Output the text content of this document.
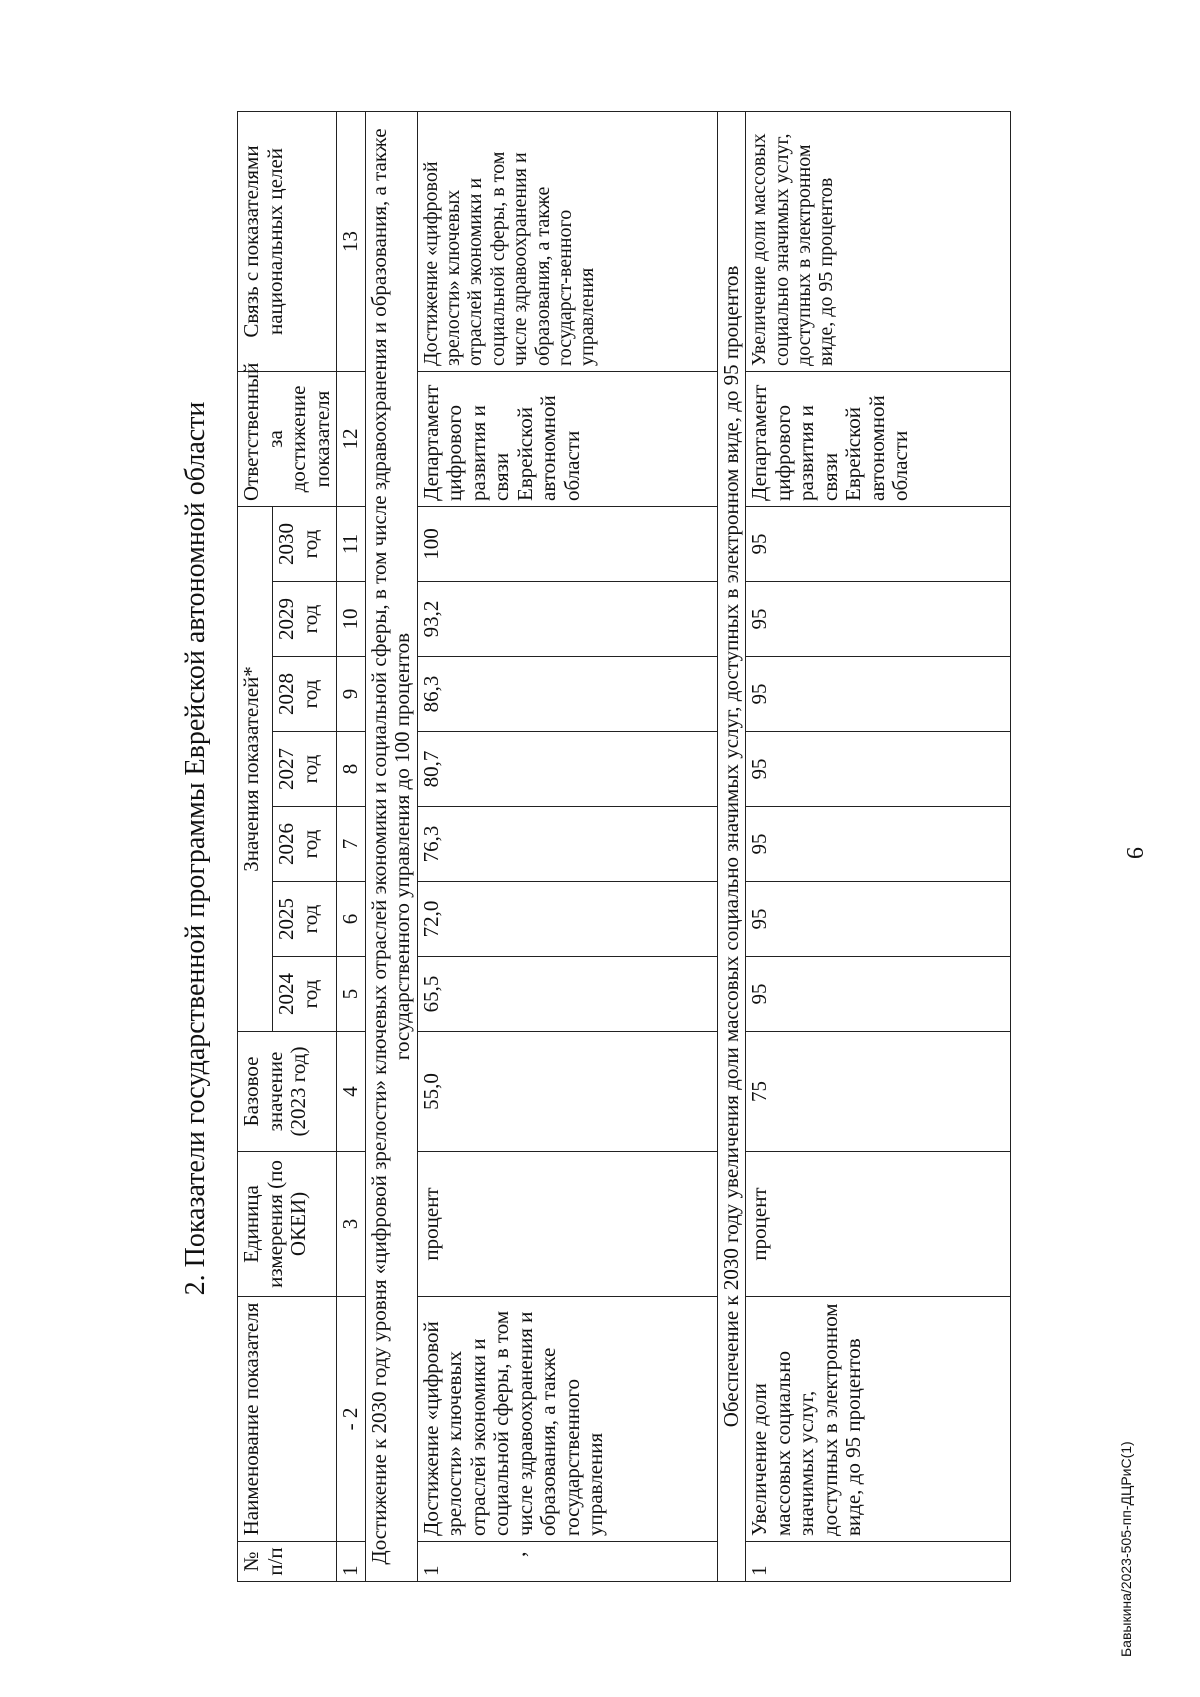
9
2. Показатели государственной программы Еврейской автономной области
,
№ п/п	Наименование показателя	Единица измерения (по ОКЕИ)	Базовое значение (2023 год)	Значения показателей*							Ответственный за достижение показателя	Связь с показателями национальных целей
				2024 год	2025 год	2026 год	2027 год	2028 год	2029 год	2030 год		
1	- 2	3	4	5	6	7	8	9	10	11	12	13
Достижение к 2030 году уровня «цифровой зрелости» ключевых отраслей экономики и социальной сферы, в том числе здравоохранения и образования, а также государственного управления до 100 процентов												
1	Достижение «цифровой зрелости» ключевых отраслей экономики и социальной сферы, в том числе здравоохранения и образования, а также государственного управления	процент	55,0	65,5	72,0	76,3	80,7	86,3	93,2	100	Департамент цифрового развития и связи Еврейской автономной области	Достижение «цифровой зрелости» ключевых отраслей экономики и социальной сферы, в том числе здравоохранения и образования, а также государст-венного управления
Обеспечение к 2030 году увеличения доли массовых социально значимых услуг, доступных в электронном виде, до 95 процентов												
1	Увеличение доли массовых социально значимых услуг, доступных в электронном виде, до 95 процентов	процент	75	95	95	95	95	95	95	95	Департамент цифрового развития и связи Еврейской автономной области	Увеличение доли массовых социально значимых услуг, доступных в электронном виде, до 95 процентов
Бавыкина/2023-505-пп-ДЦРиС(1)
